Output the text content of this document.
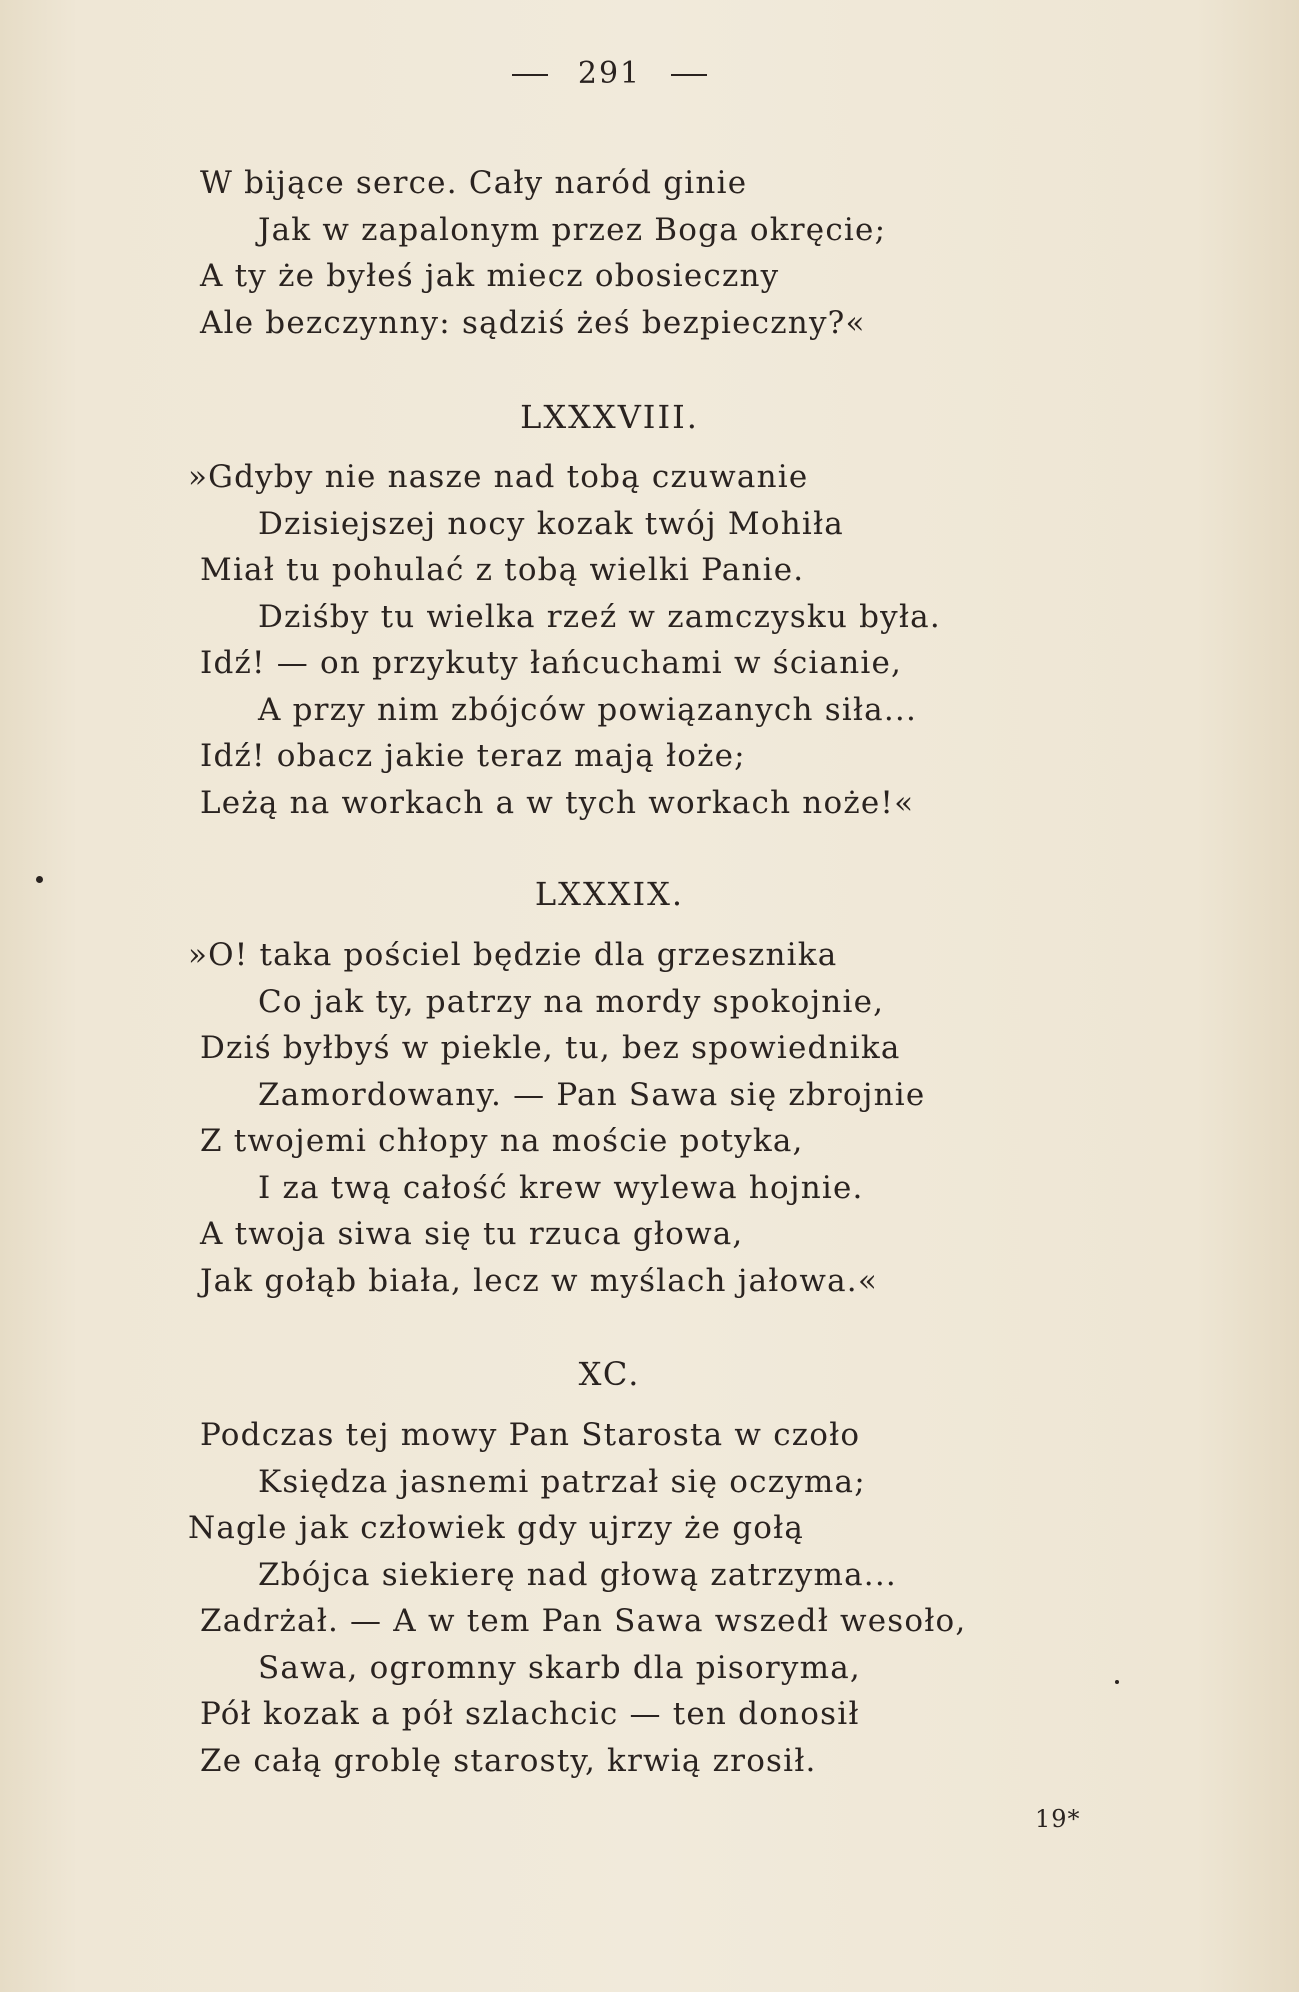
291
W bijące serce. Cały naród ginie
Jak w zapalonym przez Boga okręcie;
A ty że byłeś jak miecz obosieczny
Ale bezczynny: sądziś żeś bezpieczny?«
LXXXVIII.
»Gdyby nie nasze nad tobą czuwanie
Dzisiejszej nocy kozak twój Mohiła
Miał tu pohulać z tobą wielki Panie.
Dziśby tu wielka rzeź w zamczysku była.
Idź! — on przykuty łańcuchami w ścianie,
A przy nim zbójców powiązanych siła...
Idź! obacz jakie teraz mają łoże;
Leżą na workach a w tych workach noże!«
LXXXIX.
»O! taka pościel będzie dla grzesznika
Co jak ty, patrzy na mordy spokojnie,
Dziś byłbyś w piekle, tu, bez spowiednika
Zamordowany. — Pan Sawa się zbrojnie
Z twojemi chłopy na moście potyka,
I za twą całość krew wylewa hojnie.
A twoja siwa się tu rzuca głowa,
Jak gołąb biała, lecz w myślach jałowa.«
XC.
Podczas tej mowy Pan Starosta w czoło
Księdza jasnemi patrzał się oczyma;
Nagle jak człowiek gdy ujrzy że gołą
Zbójca siekierę nad głową zatrzyma...
Zadrżał. — A w tem Pan Sawa wszedł wesoło,
Sawa, ogromny skarb dla pisoryma,
Pół kozak a pół szlachcic — ten donosił
Ze całą groblę starosty, krwią zrosił.
19*
